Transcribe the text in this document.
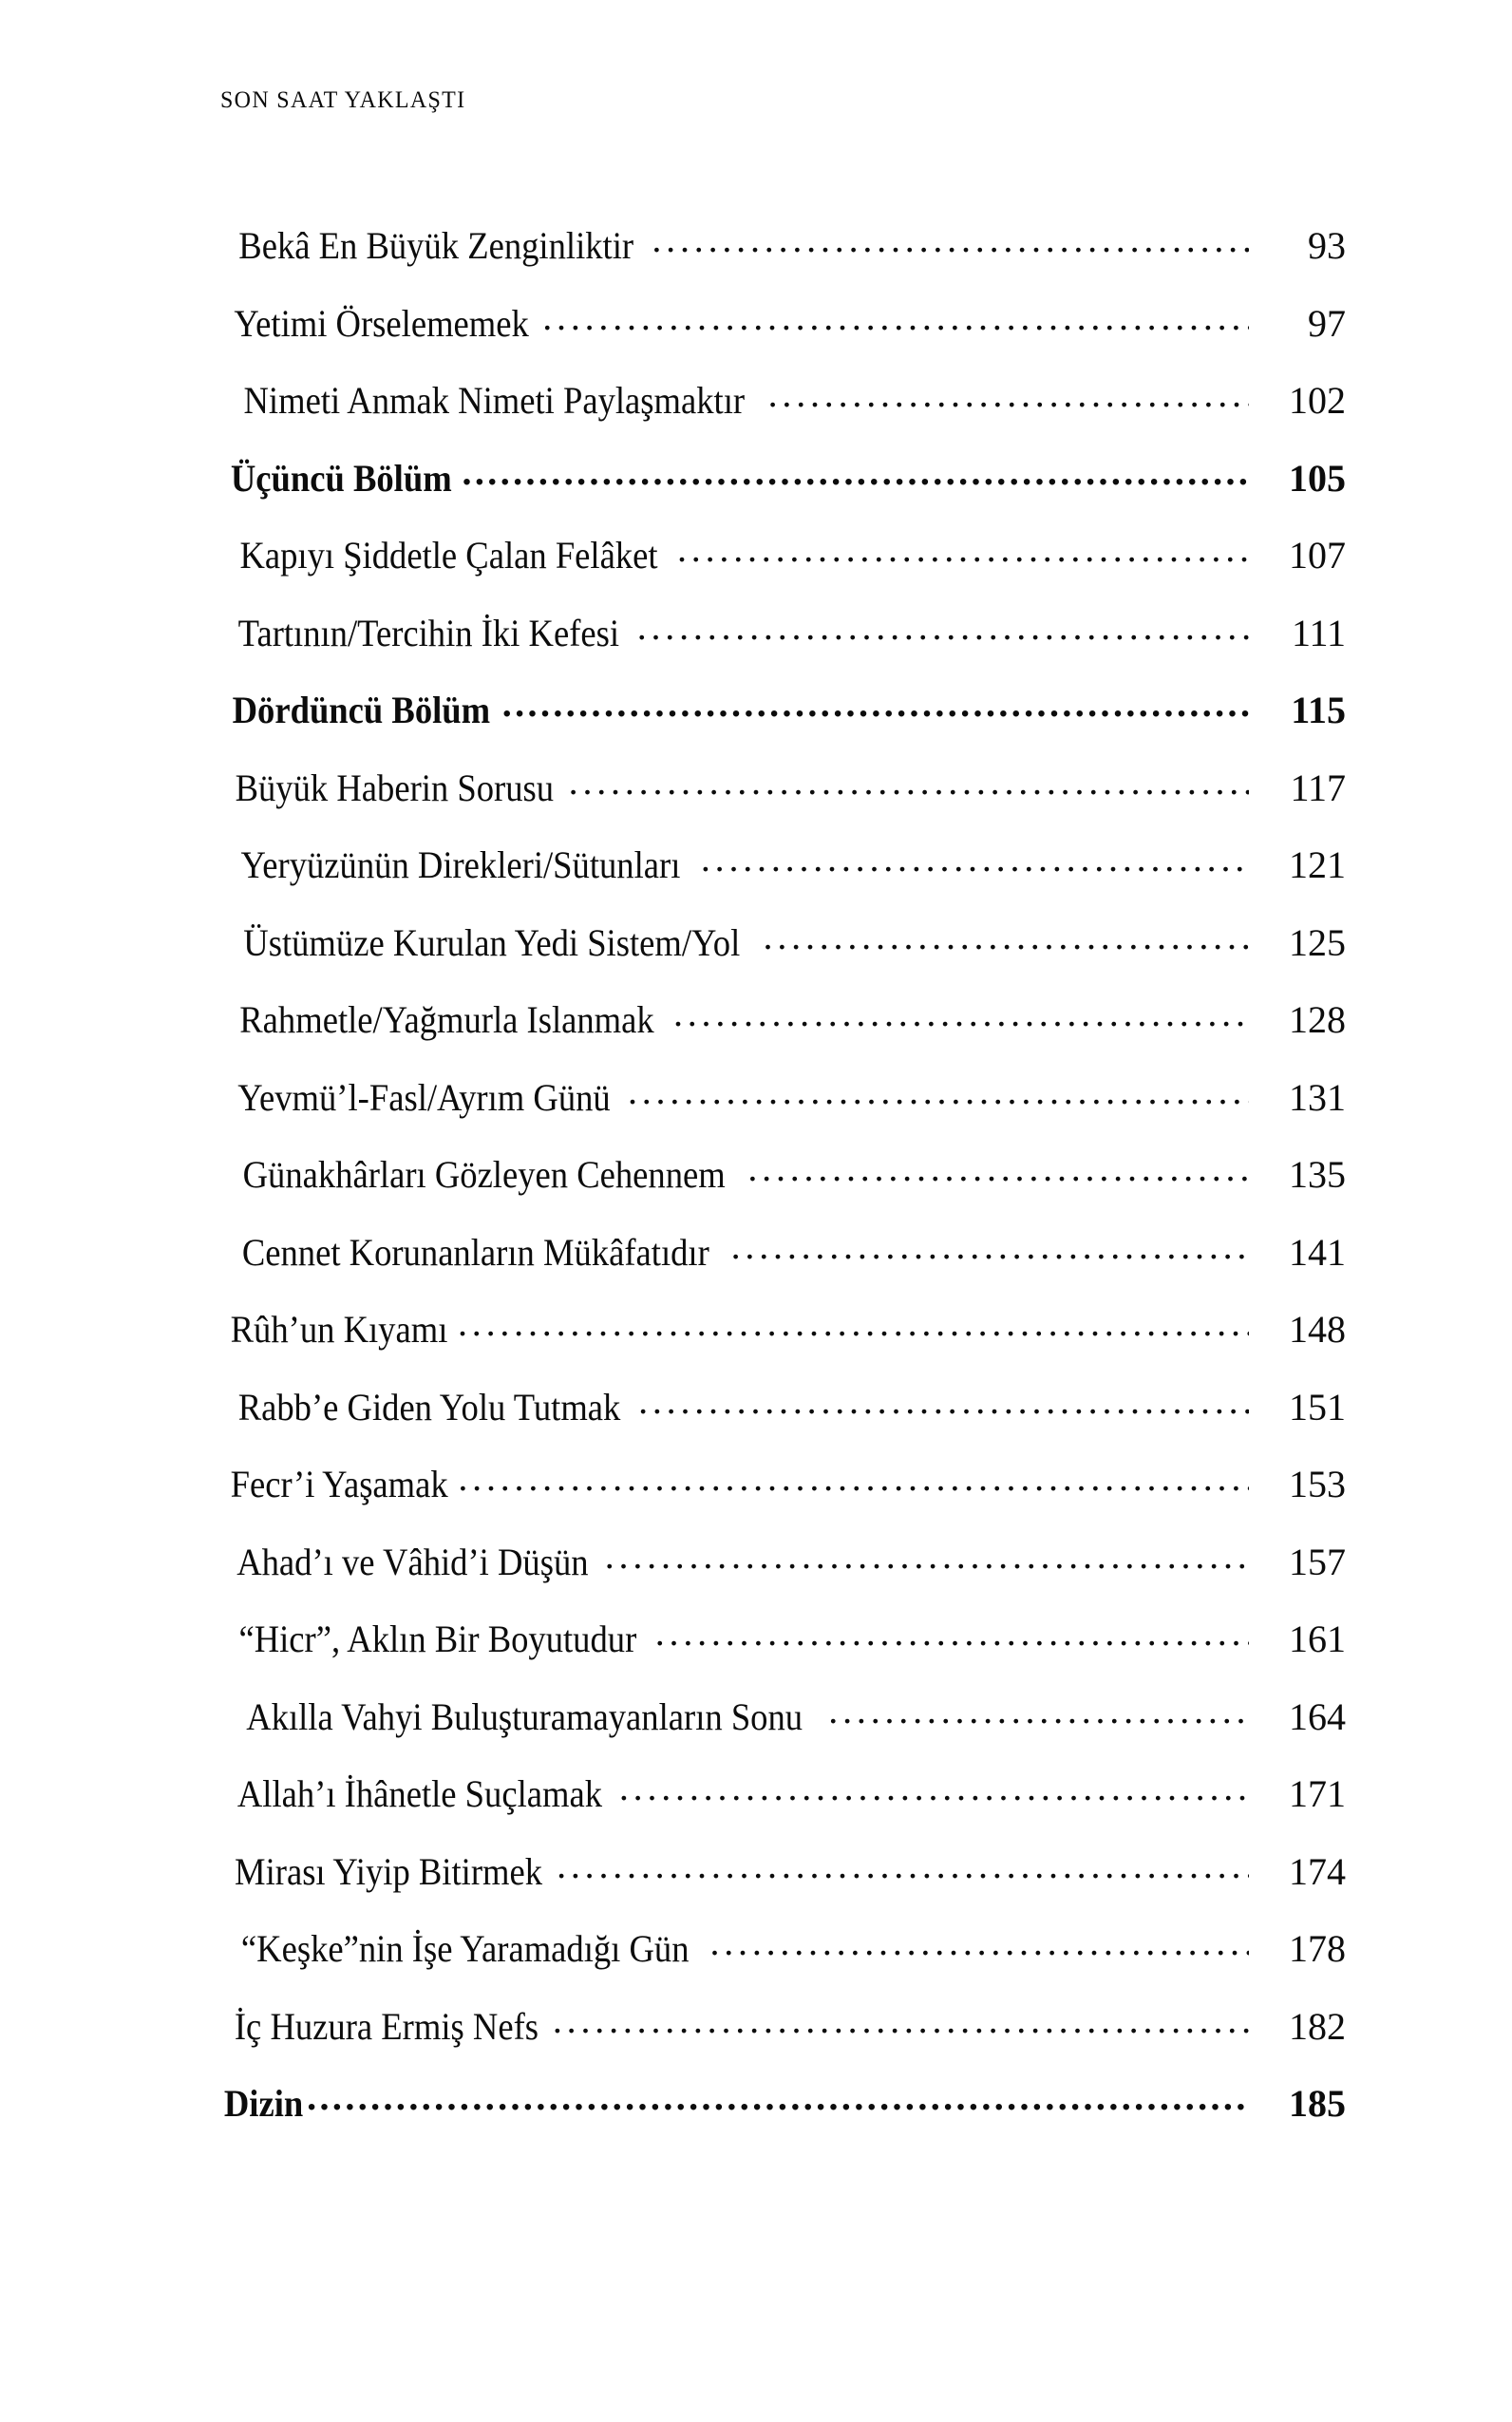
SON SAAT YAKLAŞTI
Bekâ En Büyük Zenginliktir .....	93
Yetimi Örselememek .....	97
Nimeti Anmak Nimeti Paylaşmaktır .....	102
Üçüncü Bölüm .....	105
Kapıyı Şiddetle Çalan Felâket .....	107
Tartının/Tercihin İki Kefesi .....	111
Dördüncü Bölüm .....	115
Büyük Haberin Sorusu .....	117
Yeryüzünün Direkleri/Sütunları .....	121
Üstümüze Kurulan Yedi Sistem/Yol .....	125
Rahmetle/Yağmurla Islanmak .....	128
Yevmü’l-Fasl/Ayrım Günü .....	131
Günakhârları Gözleyen Cehennem .....	135
Cennet Korunanların Mükâfatıdır .....	141
Rûh’un Kıyamı .....	148
Rabb’e Giden Yolu Tutmak .....	151
Fecr’i Yaşamak .....	153
Ahad’ı ve Vâhid’i Düşün .....	157
“Hicr”, Aklın Bir Boyutudur .....	161
Akılla Vahyi Buluşturamayanların Sonu .....	164
Allah’ı İhânetle Suçlamak .....	171
Mirası Yiyip Bitirmek .....	174
“Keşke”nin İşe Yaramadığı Gün .....	178
İç Huzura Ermiş Nefs .....	182
Dizin .....	185
